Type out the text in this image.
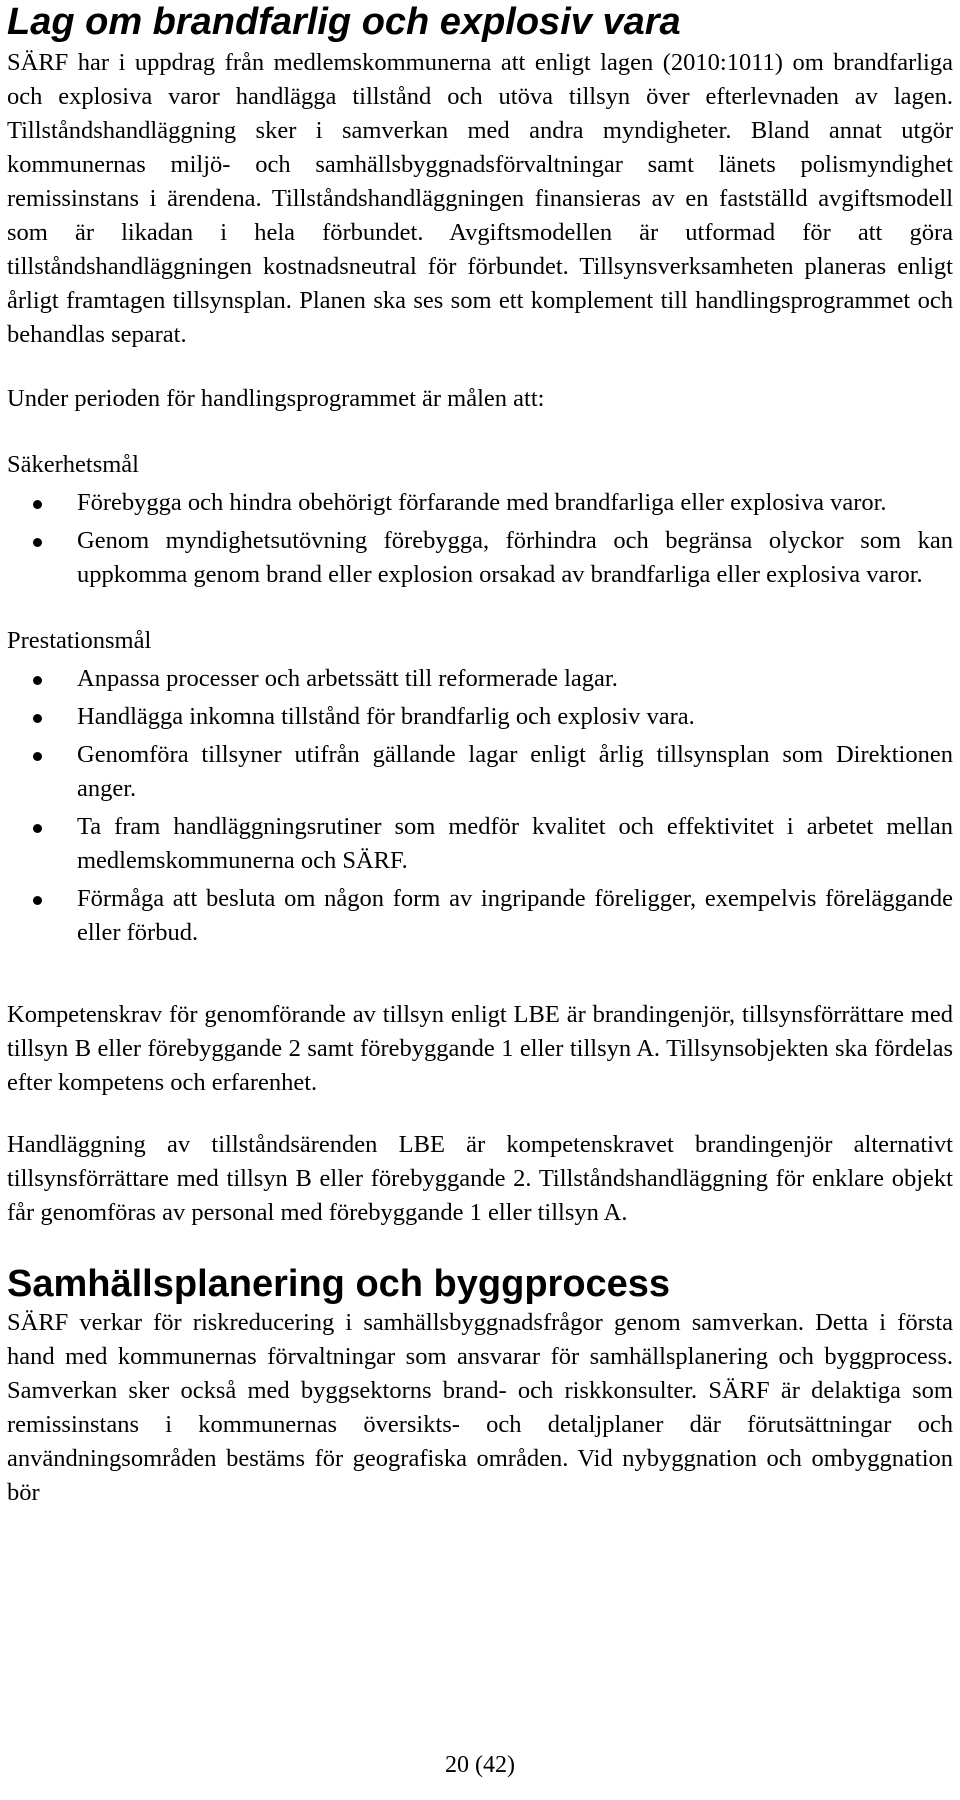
Lag om brandfarlig och explosiv vara

SÄRF har i uppdrag från medlemskommunerna att enligt lagen (2010:1011) om brandfarliga och explosiva varor handlägga tillstånd och utöva tillsyn över efterlevnaden av lagen. Tillståndshandläggning sker i samverkan med andra myndigheter. Bland annat utgör kommunernas miljö- och samhällsbyggnadsförvaltningar samt länets polismyndighet remissinstans i ärendena. Tillståndshandläggningen finansieras av en fastställd avgiftsmodell som är likadan i hela förbundet. Avgiftsmodellen är utformad för att göra tillståndshandläggningen kostnadsneutral för förbundet. Tillsynsverksamheten planeras enligt årligt framtagen tillsynsplan. Planen ska ses som ett komplement till handlingsprogrammet och behandlas separat.

Under perioden för handlingsprogrammet är målen att:

Säkerhetsmål
Förebygga och hindra obehörigt förfarande med brandfarliga eller explosiva varor.
Genom myndighetsutövning förebygga, förhindra och begränsa olyckor som kan uppkomma genom brand eller explosion orsakad av brandfarliga eller explosiva varor.
Prestationsmål
Anpassa processer och arbetssätt till reformerade lagar.
Handlägga inkomna tillstånd för brandfarlig och explosiv vara.
Genomföra tillsyner utifrån gällande lagar enligt årlig tillsynsplan som Direktionen anger.
Ta fram handläggningsrutiner som medför kvalitet och effektivitet i arbetet mellan medlemskommunerna och SÄRF.
Förmåga att besluta om någon form av ingripande föreligger, exempelvis föreläggande eller förbud.

Kompetenskrav för genomförande av tillsyn enligt LBE är brandingenjör, tillsynsförrättare med tillsyn B eller förebyggande 2 samt förebyggande 1 eller tillsyn A. Tillsynsobjekten ska fördelas efter kompetens och erfarenhet.

Handläggning av tillståndsärenden LBE är kompetenskravet brandingenjör alternativt tillsynsförrättare med tillsyn B eller förebyggande 2. Tillståndshandläggning för enklare objekt får genomföras av personal med förebyggande 1 eller tillsyn A.

Samhällsplanering och byggprocess

SÄRF verkar för riskreducering i samhällsbyggnadsfrågor genom samverkan. Detta i första hand med kommunernas förvaltningar som ansvarar för samhällsplanering och byggprocess. Samverkan sker också med byggsektorns brand- och riskkonsulter. SÄRF är delaktiga som remissinstans i kommunernas översikts- och detaljplaner där förutsättningar och användningsområden bestäms för geografiska områden. Vid nybyggnation och ombyggnation bör

20 (42)
